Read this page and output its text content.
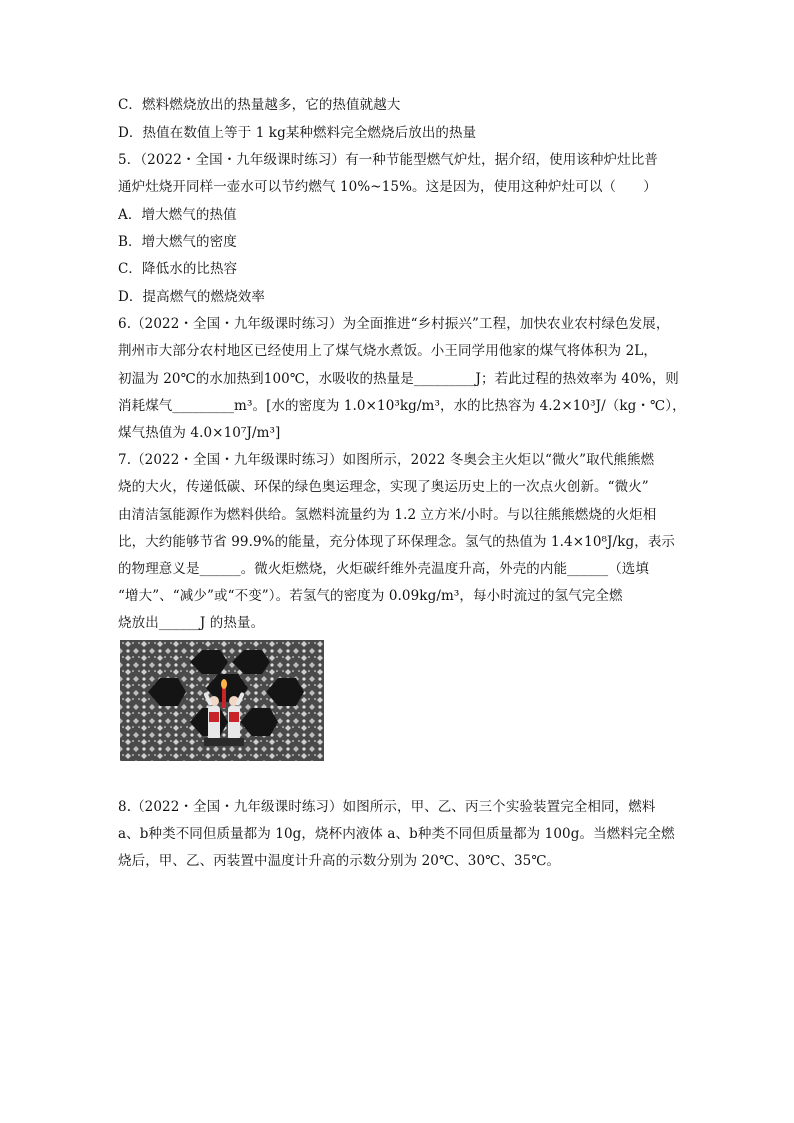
C．燃料燃烧放出的热量越多，它的热值就越大
D．热值在数值上等于 1 kg某种燃料完全燃烧后放出的热量
5．（2022・全国・九年级课时练习）有一种节能型燃气炉灶，据介绍，使用该种炉灶比普
通炉灶烧开同样一壶水可以节约燃气 10%~15%。这是因为，使用这种炉灶可以（　　）
A．增大燃气的热值
B．增大燃气的密度
C．降低水的比热容
D．提高燃气的燃烧效率
6.（2022・全国・九年级课时练习）为全面推进“乡村振兴”工程，加快农业农村绿色发展，
荆州市大部分农村地区已经使用上了煤气烧水煮饭。小王同学用他家的煤气将体积为 2L，
初温为 20℃的水加热到100℃，水吸收的热量是_________J；若此过程的热效率为 40%，则
消耗煤气_________m³。[水的密度为 1.0×10³kg/m³，水的比热容为 4.2×10³J/（kg・℃），
煤气热值为 4.0×10⁷J/m³]
7.（2022・全国・九年级课时练习）如图所示，2022 冬奥会主火炬以“微火”取代熊熊燃
烧的大火，传递低碳、环保的绿色奥运理念，实现了奥运历史上的一次点火创新。“微火”
由清洁氢能源作为燃料供给。氢燃料流量约为 1.2 立方米/小时。与以往熊熊燃烧的火炬相
比，大约能够节省 99.9%的能量，充分体现了环保理念。氢气的热值为 1.4×10⁸J/kg，表示
的物理意义是______。微火炬燃烧，火炬碳纤维外壳温度升高，外壳的内能______（选填
“增大”、“减少”或“不变”）。若氢气的密度为 0.09kg/m³，每小时流过的氢气完全燃
烧放出______J 的热量。
8.（2022・全国・九年级课时练习）如图所示，甲、乙、丙三个实验装置完全相同，燃料
a、b种类不同但质量都为 10g，烧杯内液体 a、b种类不同但质量都为 100g。当燃料完全燃
烧后，甲、乙、丙装置中温度计升高的示数分别为 20℃、30℃、35℃。
